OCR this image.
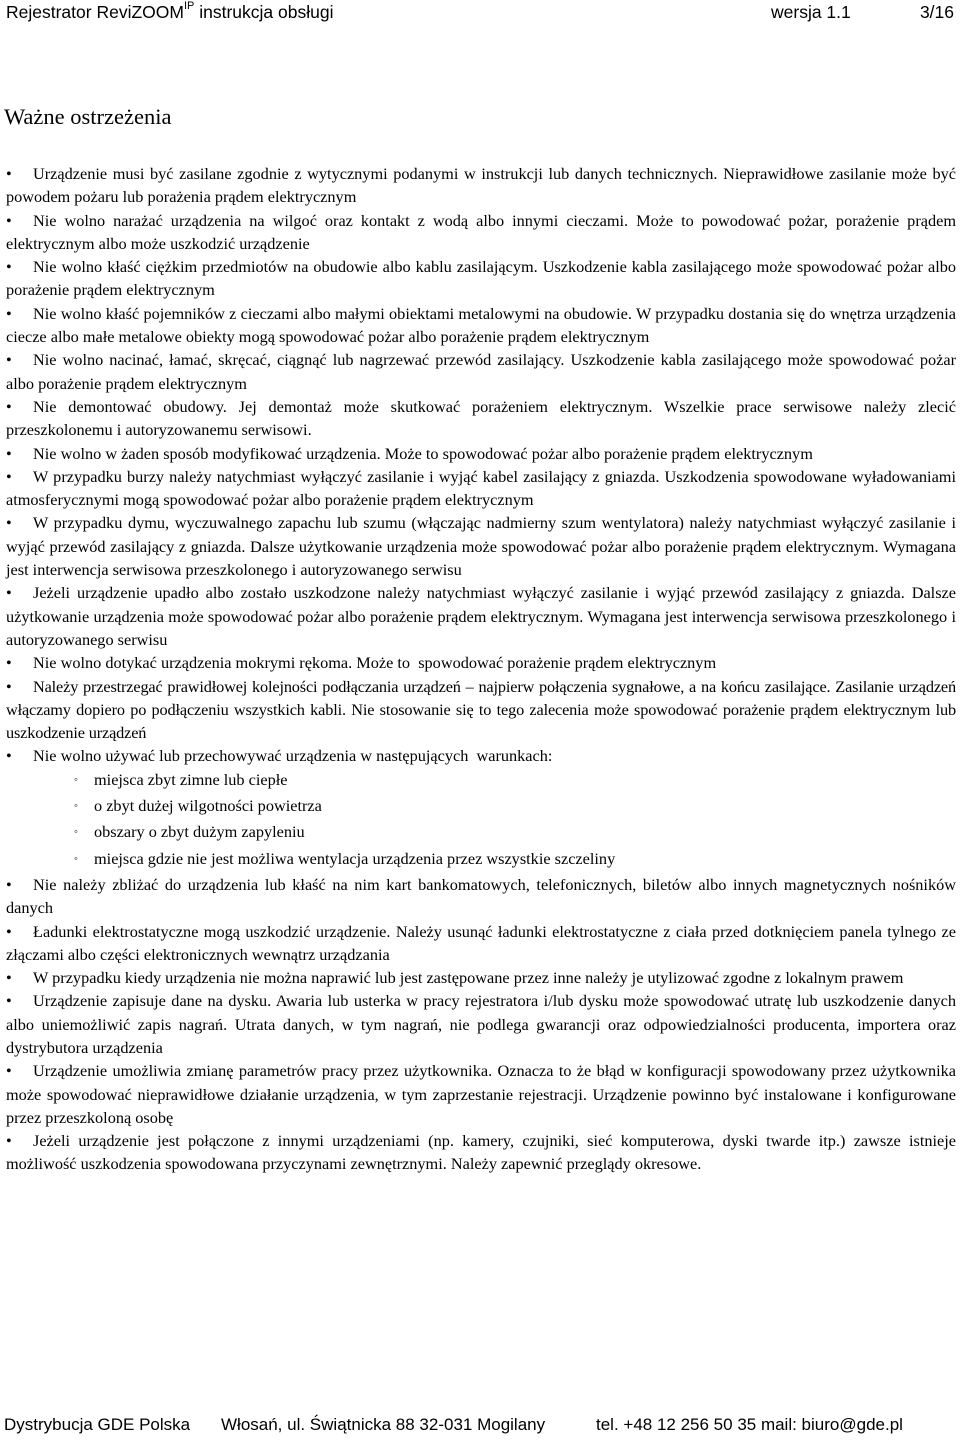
Rejestrator ReviZOOM$^{IP}$ instrukcja obsługi	wersja 1.1	3/16
Ważne ostrzeżenia

• Urządzenie musi być zasilane zgodnie z wytycznymi podanymi w instrukcji lub danych technicznych. Nieprawidłowe zasilanie może być powodem pożaru lub porażenia prądem elektrycznym

• Nie wolno narażać urządzenia na wilgoć oraz kontakt z wodą albo innymi cieczami. Może to powodować pożar, porażenie prądem elektrycznym albo może uszkodzić urządzenie

• Nie wolno kłaść ciężkim przedmiotów na obudowie albo kablu zasilającym. Uszkodzenie kabla zasilającego może spowodować pożar albo porażenie prądem elektrycznym

• Nie wolno kłaść pojemników z cieczami albo małymi obiektami metalowymi na obudowie. W przypadku dostania się do wnętrza urządzenia ciecze albo małe metalowe obiekty mogą spowodować pożar albo porażenie prądem elektrycznym

• Nie wolno nacinać, łamać, skręcać, ciągnąć lub nagrzewać przewód zasilający. Uszkodzenie kabla zasilającego może spowodować pożar albo porażenie prądem elektrycznym

• Nie demontować obudowy. Jej demontaż może skutkować porażeniem elektrycznym. Wszelkie prace serwisowe należy zlecić przeszkolonemu i autoryzowanemu serwisowi.

• Nie wolno w żaden sposób modyfikować urządzenia. Może to spowodować pożar albo porażenie prądem elektrycznym

• W przypadku burzy należy natychmiast wyłączyć zasilanie i wyjąć kabel zasilający z gniazda. Uszkodzenia spowodowane wyładowaniami atmosferycznymi mogą spowodować pożar albo porażenie prądem elektrycznym

• W przypadku dymu, wyczuwalnego zapachu lub szumu (włączając nadmierny szum wentylatora) należy natychmiast wyłączyć zasilanie i wyjąć przewód zasilający z gniazda. Dalsze użytkowanie urządzenia może spowodować pożar albo porażenie prądem elektrycznym. Wymagana jest interwencja serwisowa przeszkolonego i autoryzowanego serwisu

• Jeżeli urządzenie upadło albo zostało uszkodzone należy natychmiast wyłączyć zasilanie i wyjąć przewód zasilający z gniazda. Dalsze użytkowanie urządzenia może spowodować pożar albo porażenie prądem elektrycznym. Wymagana jest interwencja serwisowa przeszkolonego i autoryzowanego serwisu

• Nie wolno dotykać urządzenia mokrymi rękoma. Może to  spowodować porażenie prądem elektrycznym

• Należy przestrzegać prawidłowej kolejności podłączania urządzeń – najpierw połączenia sygnałowe, a na końcu zasilające. Zasilanie urządzeń włączamy dopiero po podłączeniu wszystkich kabli. Nie stosowanie się to tego zalecenia może spowodować porażenie prądem elektrycznym lub uszkodzenie urządzeń

• Nie wolno używać lub przechowywać urządzenia w następujących  warunkach:

◦ miejsca zbyt zimne lub ciepłe

◦ o zbyt dużej wilgotności powietrza

◦ obszary o zbyt dużym zapyleniu

◦ miejsca gdzie nie jest możliwa wentylacja urządzenia przez wszystkie szczeliny

• Nie należy zbliżać do urządzenia lub kłaść na nim kart bankomatowych, telefonicznych, biletów albo innych magnetycznych nośników danych

• Ładunki elektrostatyczne mogą uszkodzić urządzenie. Należy usunąć ładunki elektrostatyczne z ciała przed dotknięciem panela tylnego ze złączami albo części elektronicznych wewnątrz urządzania

• W przypadku kiedy urządzenia nie można naprawić lub jest zastępowane przez inne należy je utylizować zgodne z lokalnym prawem

• Urządzenie zapisuje dane na dysku. Awaria lub usterka w pracy rejestratora i/lub dysku może spowodować utratę lub uszkodzenie danych albo uniemożliwić zapis nagrań. Utrata danych, w tym nagrań, nie podlega gwarancji oraz odpowiedzialności producenta, importera oraz dystrybutora urządzenia

• Urządzenie umożliwia zmianę parametrów pracy przez użytkownika. Oznacza to że błąd w konfiguracji spowodowany przez użytkownika może spowodować nieprawidłowe działanie urządzenia, w tym zaprzestanie rejestracji. Urządzenie powinno być instalowane i konfigurowane przez przeszkoloną osobę

• Jeżeli urządzenie jest połączone z innymi urządzeniami (np. kamery, czujniki, sieć komputerowa, dyski twarde itp.) zawsze istnieje możliwość uszkodzenia spowodowana przyczynami zewnętrznymi. Należy zapewnić przeglądy okresowe.

Dystrybucja GDE Polska Włosań, ul. Świątnicka 88 32-031 Mogilany	tel. +48 12 256 50 35 mail: biuro@gde.pl
